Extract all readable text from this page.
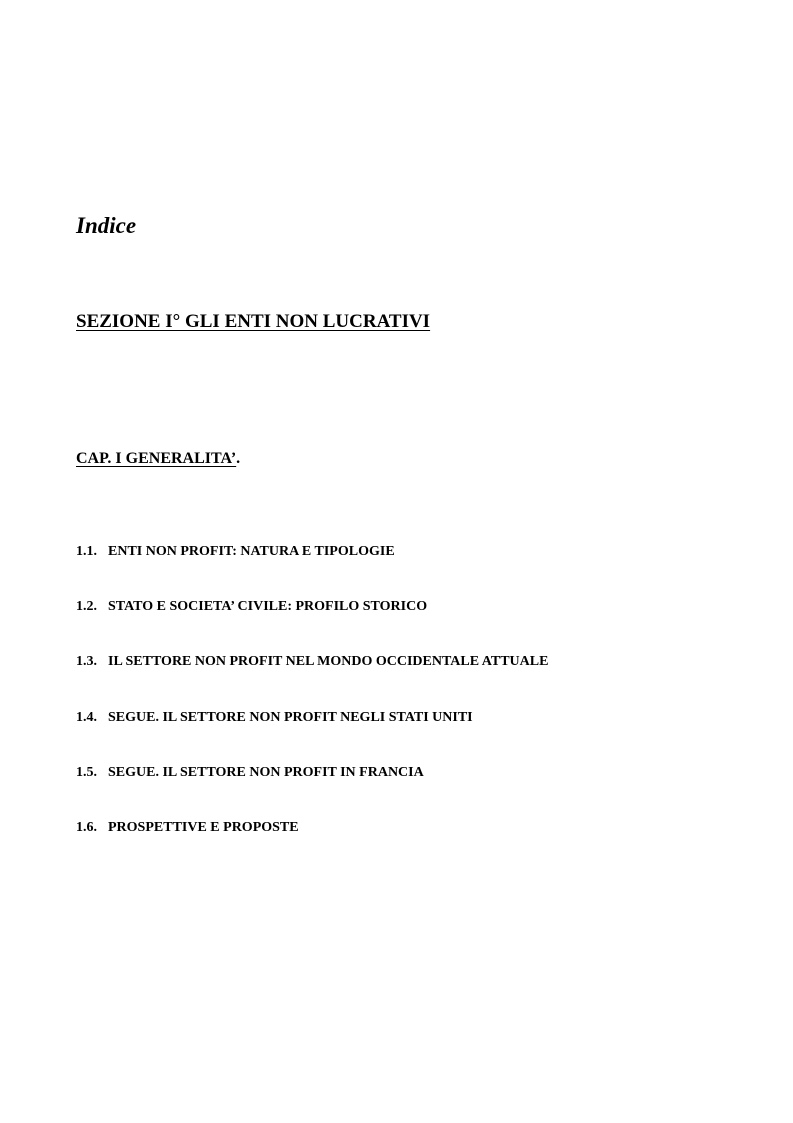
Indice
SEZIONE I° GLI ENTI NON LUCRATIVI
CAP. I GENERALITA’.
1.1. ENTI NON PROFIT: NATURA E TIPOLOGIE
1.2. STATO E SOCIETA’ CIVILE: PROFILO STORICO
1.3. IL SETTORE NON PROFIT NEL MONDO OCCIDENTALE ATTUALE
1.4. SEGUE. IL SETTORE NON PROFIT NEGLI STATI UNITI
1.5. SEGUE. IL SETTORE NON PROFIT IN FRANCIA
1.6. PROSPETTIVE E PROPOSTE
